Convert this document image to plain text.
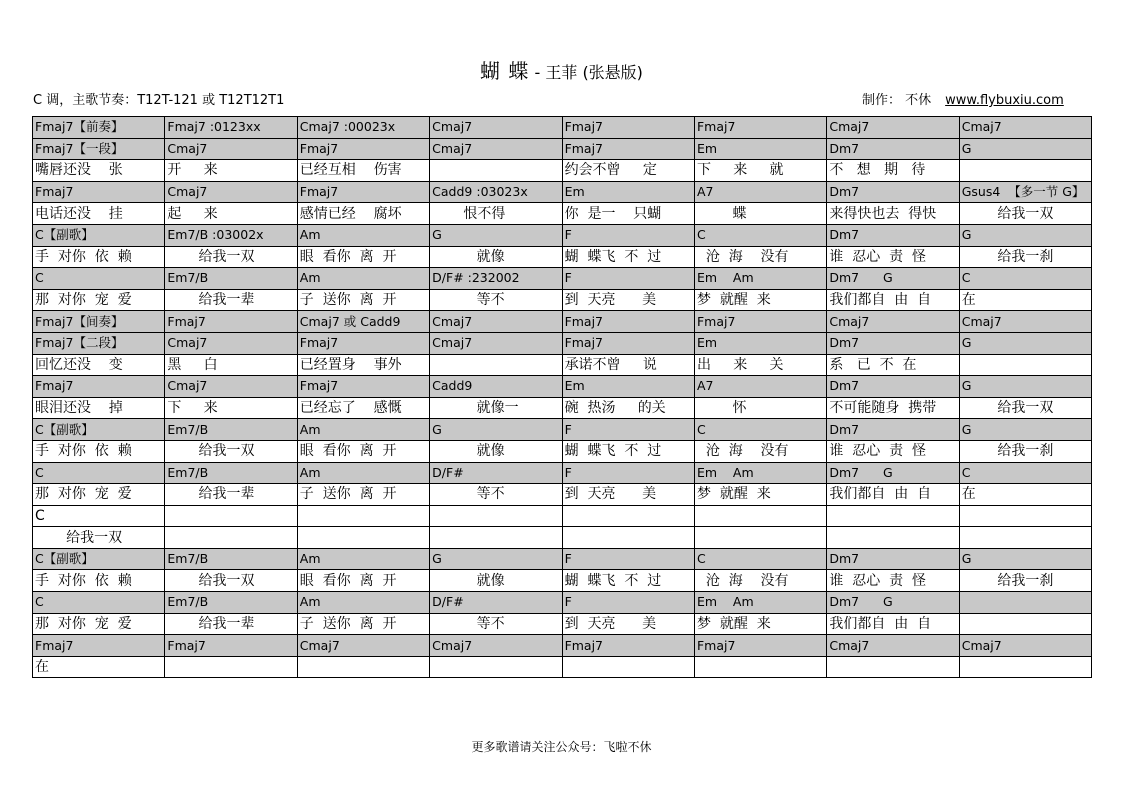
蝴 蝶 - 王菲 (张悬版)
C 调，主歌节奏：T12T-121 或 T12T12T1	制作： 不休 www.flybuxiu.com
Fmaj7【前奏】	Fmaj7 :0123xx	Cmaj7 :00023x	Cmaj7	Fmaj7	Fmaj7	Cmaj7	Cmaj7
Fmaj7【一段】	Cmaj7	Fmaj7	Cmaj7	Fmaj7	Em	Dm7	G
嘴唇还没    张	开     来	已经互相    伤害		约会不曾     定	下     来     就	不   想   期   待	
Fmaj7	Cmaj7	Fmaj7	Cadd9 :03023x	Em	A7	Dm7	Gsus4  【多一节 G】
电话还没    挂	起     来	感情已经    腐坏	恨不得	你  是一    只蝴	蝶	来得快也去  得快	给我一双
C【副歌】	Em7/B :03002x	Am	G	F	C	Dm7	G
手  对你  依  赖	给我一双	眼  看你  离  开	就像	蝴  蝶飞  不  过	沧  海    没有	谁  忍心  责  怪	给我一刹
C	Em7/B	Am	D/F# :232002	F	Em    Am	Dm7      G	C
那  对你  宠  爱	给我一辈	子  送你  离  开	等不	到  天亮      美	梦  就醒  来	我们都自  由  自	在
Fmaj7【间奏】	Fmaj7	Cmaj7 或 Cadd9	Cmaj7	Fmaj7	Fmaj7	Cmaj7	Cmaj7
Fmaj7【二段】	Cmaj7	Fmaj7	Cmaj7	Fmaj7	Em	Dm7	G
回忆还没    变	黑     白	已经置身    事外		承诺不曾     说	出     来     关	系   已  不  在	
Fmaj7	Cmaj7	Fmaj7	Cadd9	Em	A7	Dm7	G
眼泪还没    掉	下     来	已经忘了    感慨	就像一	碗  热汤     的关	怀	不可能随身  携带	给我一双
C【副歌】	Em7/B	Am	G	F	C	Dm7	G
手  对你  依  赖	给我一双	眼  看你  离  开	就像	蝴  蝶飞  不  过	沧  海    没有	谁  忍心  责  怪	给我一刹
C	Em7/B	Am	D/F#	F	Em    Am	Dm7      G	C
那  对你  宠  爱	给我一辈	子  送你  离  开	等不	到  天亮      美	梦  就醒  来	我们都自  由  自	在
C							
给我一双							
C【副歌】	Em7/B	Am	G	F	C	Dm7	G
手  对你  依  赖	给我一双	眼  看你  离  开	就像	蝴  蝶飞  不  过	沧  海    没有	谁  忍心  责  怪	给我一刹
C	Em7/B	Am	D/F#	F	Em    Am	Dm7      G	
那  对你  宠  爱	给我一辈	子  送你  离  开	等不	到  天亮      美	梦  就醒  来	我们都自  由  自	
Fmaj7	Fmaj7	Cmaj7	Cmaj7	Fmaj7	Fmaj7	Cmaj7	Cmaj7
在							
更多歌谱请关注公众号：飞啦不休
